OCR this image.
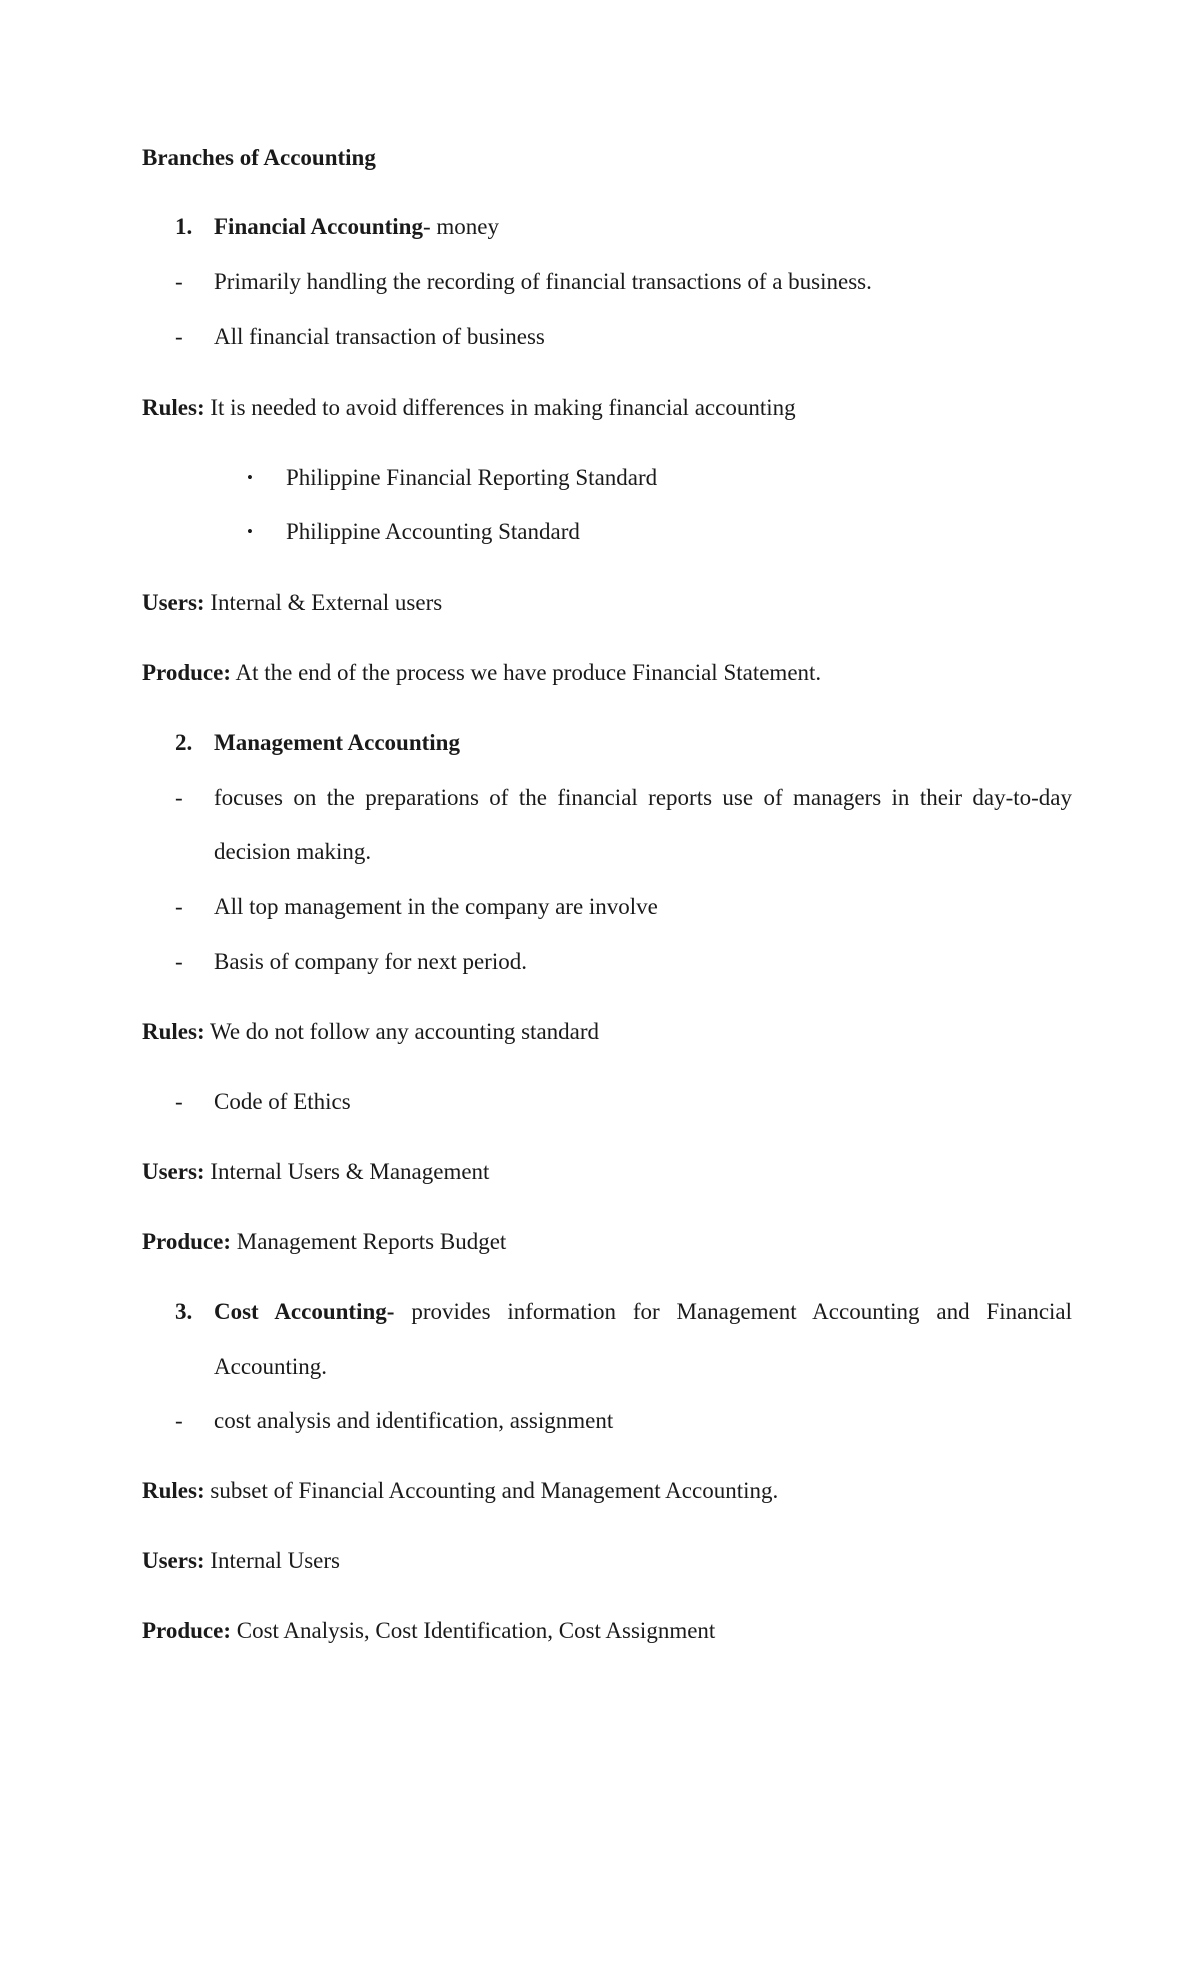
Branches of Accounting
1. Financial Accounting- money
-	Primarily handling the recording of financial transactions of a business.
-	All financial transaction of business
Rules: It is needed to avoid differences in making financial accounting
• Philippine Financial Reporting Standard
• Philippine Accounting Standard
Users: Internal & External users
Produce: At the end of the process we have produce Financial Statement.
2. Management Accounting
-	focuses on the preparations of the financial reports use of managers in their day-to-day
decision making.
-	All top management in the company are involve
-	Basis of company for next period.
Rules: We do not follow any accounting standard
-	Code of Ethics
Users: Internal Users & Management
Produce: Management Reports Budget
3. Cost Accounting- provides information for Management Accounting and Financial
Accounting.
-	cost analysis and identification, assignment
Rules: subset of Financial Accounting and Management Accounting.
Users: Internal Users
Produce: Cost Analysis, Cost Identification, Cost Assignment
